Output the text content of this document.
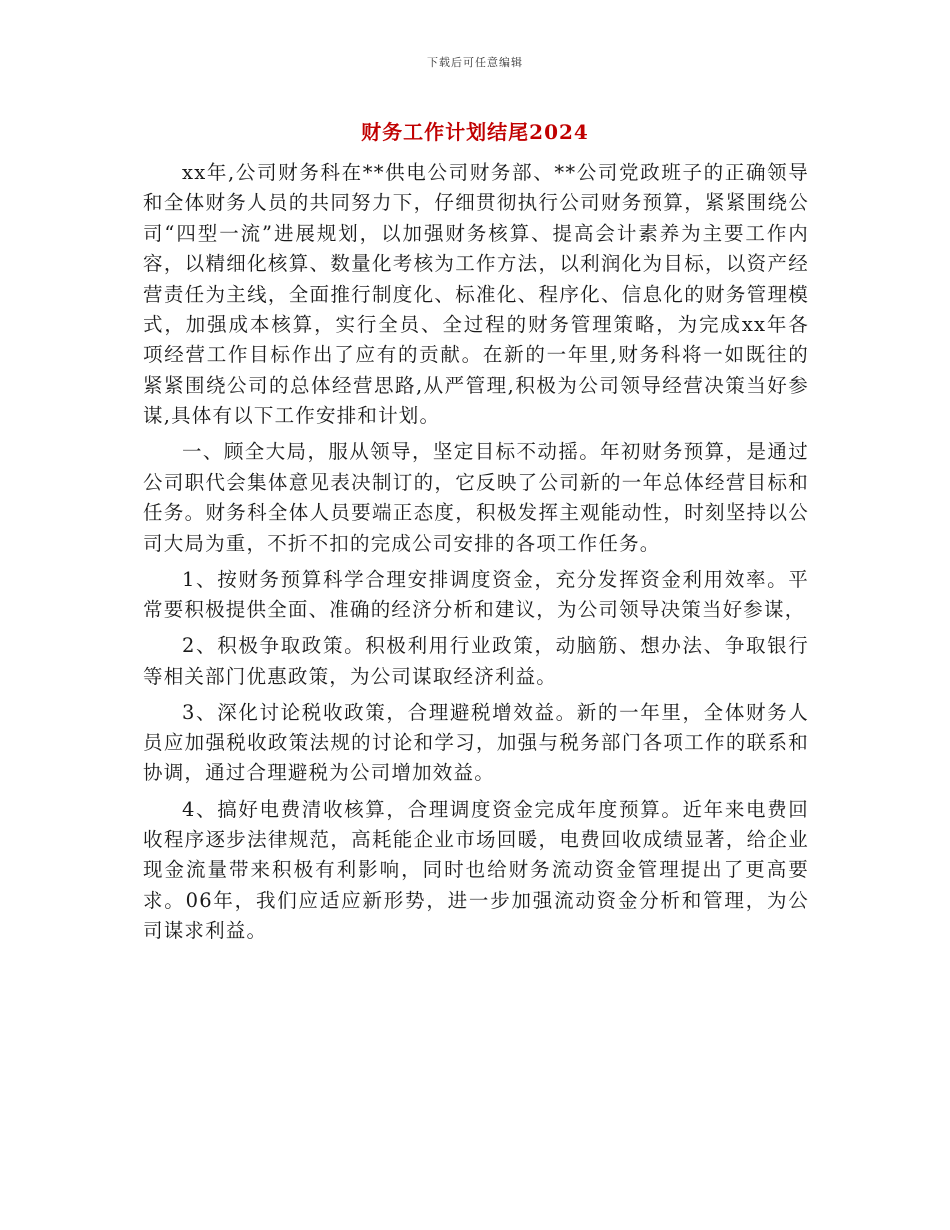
下载后可任意编辑
财务工作计划结尾2024

xx年,公司财务科在**供电公司财务部、**公司党政班子的正确领导和全体财务人员的共同努力下，仔细贯彻执行公司财务预算，紧紧围绕公司“四型一流”进展规划，以加强财务核算、提高会计素养为主要工作内容，以精细化核算、数量化考核为工作方法，以利润化为目标，以资产经营责任为主线，全面推行制度化、标准化、程序化、信息化的财务管理模式，加强成本核算，实行全员、全过程的财务管理策略，为完成xx年各项经营工作目标作出了应有的贡献。在新的一年里,财务科将一如既往的紧紧围绕公司的总体经营思路,从严管理,积极为公司领导经营决策当好参谋,具体有以下工作安排和计划。

一、顾全大局，服从领导，坚定目标不动摇。年初财务预算，是通过公司职代会集体意见表决制订的，它反映了公司新的一年总体经营目标和任务。财务科全体人员要端正态度，积极发挥主观能动性，时刻坚持以公司大局为重，不折不扣的完成公司安排的各项工作任务。

1、按财务预算科学合理安排调度资金，充分发挥资金利用效率。平常要积极提供全面、准确的经济分析和建议，为公司领导决策当好参谋，

2、积极争取政策。积极利用行业政策，动脑筋、想办法、争取银行等相关部门优惠政策，为公司谋取经济利益。

3、深化讨论税收政策，合理避税增效益。新的一年里，全体财务人员应加强税收政策法规的讨论和学习，加强与税务部门各项工作的联系和协调，通过合理避税为公司增加效益。

4、搞好电费清收核算，合理调度资金完成年度预算。近年来电费回收程序逐步法律规范，高耗能企业市场回暖，电费回收成绩显著，给企业现金流量带来积极有利影响，同时也给财务流动资金管理提出了更高要求。06年，我们应适应新形势，进一步加强流动资金分析和管理，为公司谋求利益。
